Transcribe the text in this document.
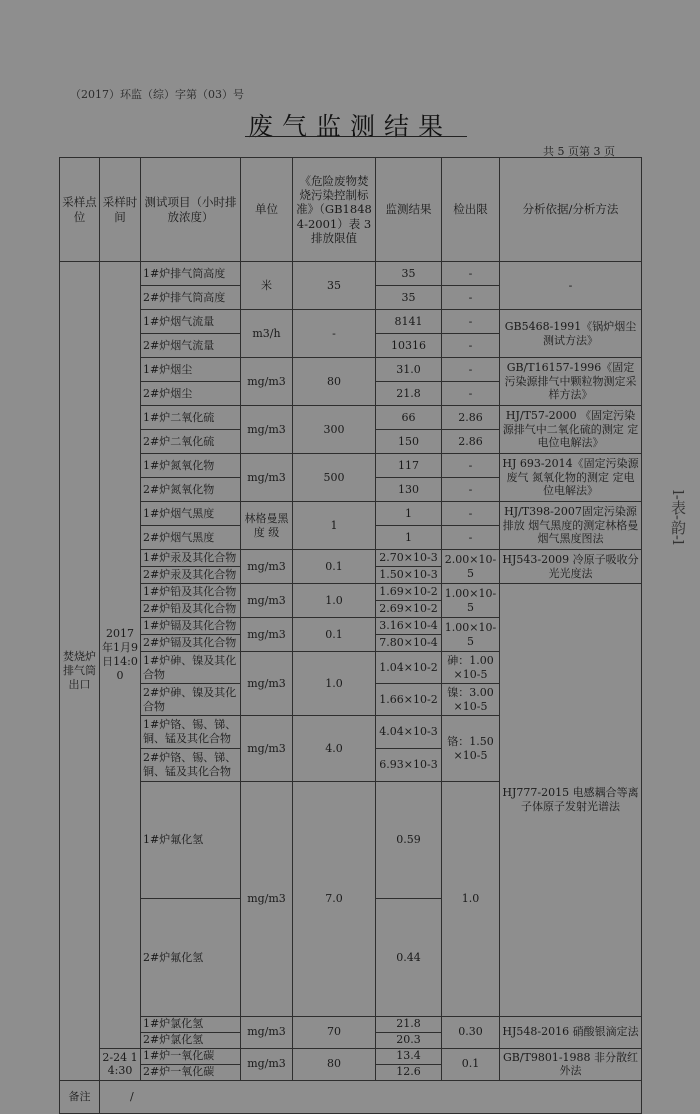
（2017）环监（综）字第（03）号
废气监测结果
共 5 页第 3 页
采样点位	采样时间	测试项目（小时排放浓度）	单位	《危险废物焚烧污染控制标准》（GB18484-2001）表 3 排放限值	监测结果	检出限	分析依据/分析方法	
焚烧炉排气筒出口	2017年1月9日14:00	1#炉排气筒高度	米	35	35	-	-	
		2#炉排气筒高度			35	-		
		1#炉烟气流量	m3/h	-	8141	-	GB5468-1991《锅炉烟尘测试方法》	
		2#炉烟气流量			10316	-		
		1#炉烟尘	mg/m3	80	31.0	-	GB/T16157-1996《固定污染源排气中颗粒物测定采样方法》	
		2#炉烟尘			21.8	-		
		1#炉二氧化硫	mg/m3	300	66	2.86	HJ/T57-2000 《固定污染源排气中二氧化硫的测定 定电位电解法》	
		2#炉二氧化硫			150	2.86		
		1#炉氮氧化物	mg/m3	500	117	-	HJ 693-2014《固定污染源废气 氮氧化物的测定 定电位电解法》	
		2#炉氮氧化物			130	-		
		1#炉烟气黑度	林格曼黑度 级	1	1	-	HJ/T398-2007固定污染源排放 烟气黑度的测定林格曼烟气黑度图法	
		2#炉烟气黑度			1	-		
		1#炉汞及其化合物	mg/m3	0.1	2.70×10-3	2.00×10-5	HJ543-2009 冷原子吸收分光光度法	
		2#炉汞及其化合物			1.50×10-3			
		1#炉铅及其化合物	mg/m3	1.0	1.69×10-2	1.00×10-5	HJ777-2015 电感耦合等离子体原子发射光谱法	
		2#炉铅及其化合物			2.69×10-2			
		1#炉镉及其化合物	mg/m3	0.1	3.16×10-4	1.00×10-5		
		2#炉镉及其化合物			7.80×10-4			
		1#炉砷、镍及其化合物	mg/m3	1.0	1.04×10-2	砷：1.00×10-5		
		2#炉砷、镍及其化合物			1.66×10-2	镍：3.00×10-5		
		1#炉铬、锡、锑、铜、锰及其化合物	mg/m3	4.0	4.04×10-3	铬：1.50×10-5		
		2#炉铬、锡、锑、铜、锰及其化合物			6.93×10-3			
		1#炉氟化氢	mg/m3	7.0	0.59	1.0	
		2#炉氟化氢			0.44			
		1#炉氯化氢	mg/m3	70	21.8	0.30	HJ548-2016 硝酸银滴定法	
		2#炉氯化氢			20.3			
	2-24 14:30	1#炉一氧化碳	mg/m3	80	13.4	0.1	GB/T9801-1988 非分散红外法	
		2#炉一氧化碳			12.6			
备注	/							
l-表-韵-l
